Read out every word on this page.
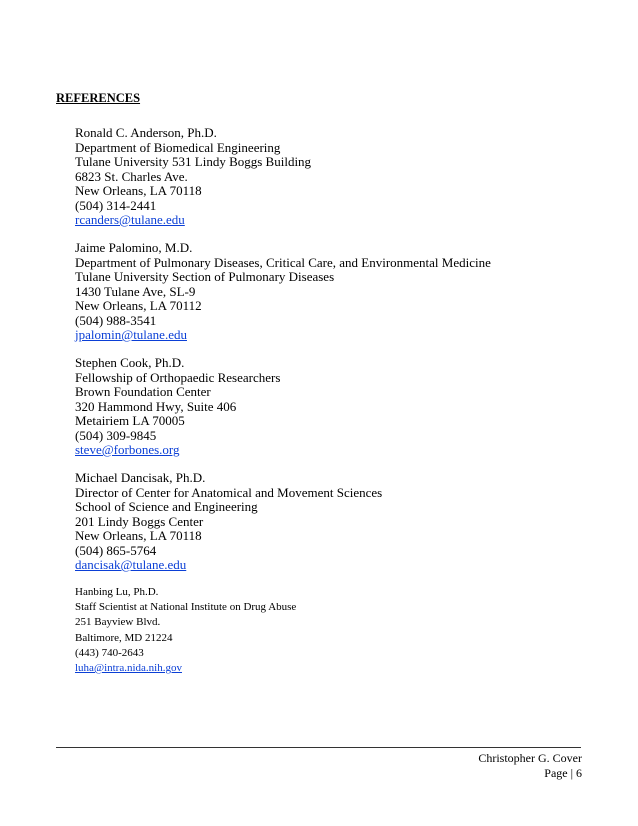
REFERENCES
Ronald C. Anderson, Ph.D.
Department of Biomedical Engineering
Tulane University 531 Lindy Boggs Building
6823 St. Charles Ave.
New Orleans, LA 70118
(504) 314-2441
rcanders@tulane.edu
Jaime Palomino, M.D.
Department of Pulmonary Diseases, Critical Care, and Environmental Medicine
Tulane University Section of Pulmonary Diseases
1430 Tulane Ave, SL-9
New Orleans, LA 70112
(504) 988-3541
jpalomin@tulane.edu
Stephen Cook, Ph.D.
Fellowship of Orthopaedic Researchers
Brown Foundation Center
320 Hammond Hwy, Suite 406
Metairiem LA 70005
(504) 309-9845
steve@forbones.org
Michael Dancisak, Ph.D.
Director of Center for Anatomical and Movement Sciences
School of Science and Engineering
201 Lindy Boggs Center
New Orleans, LA 70118
(504) 865-5764
dancisak@tulane.edu
Hanbing Lu, Ph.D.
Staff Scientist at National Institute on Drug Abuse
251 Bayview Blvd.
Baltimore, MD 21224
(443) 740-2643
luha@intra.nida.nih.gov
Christopher G. Cover
Page | 6
